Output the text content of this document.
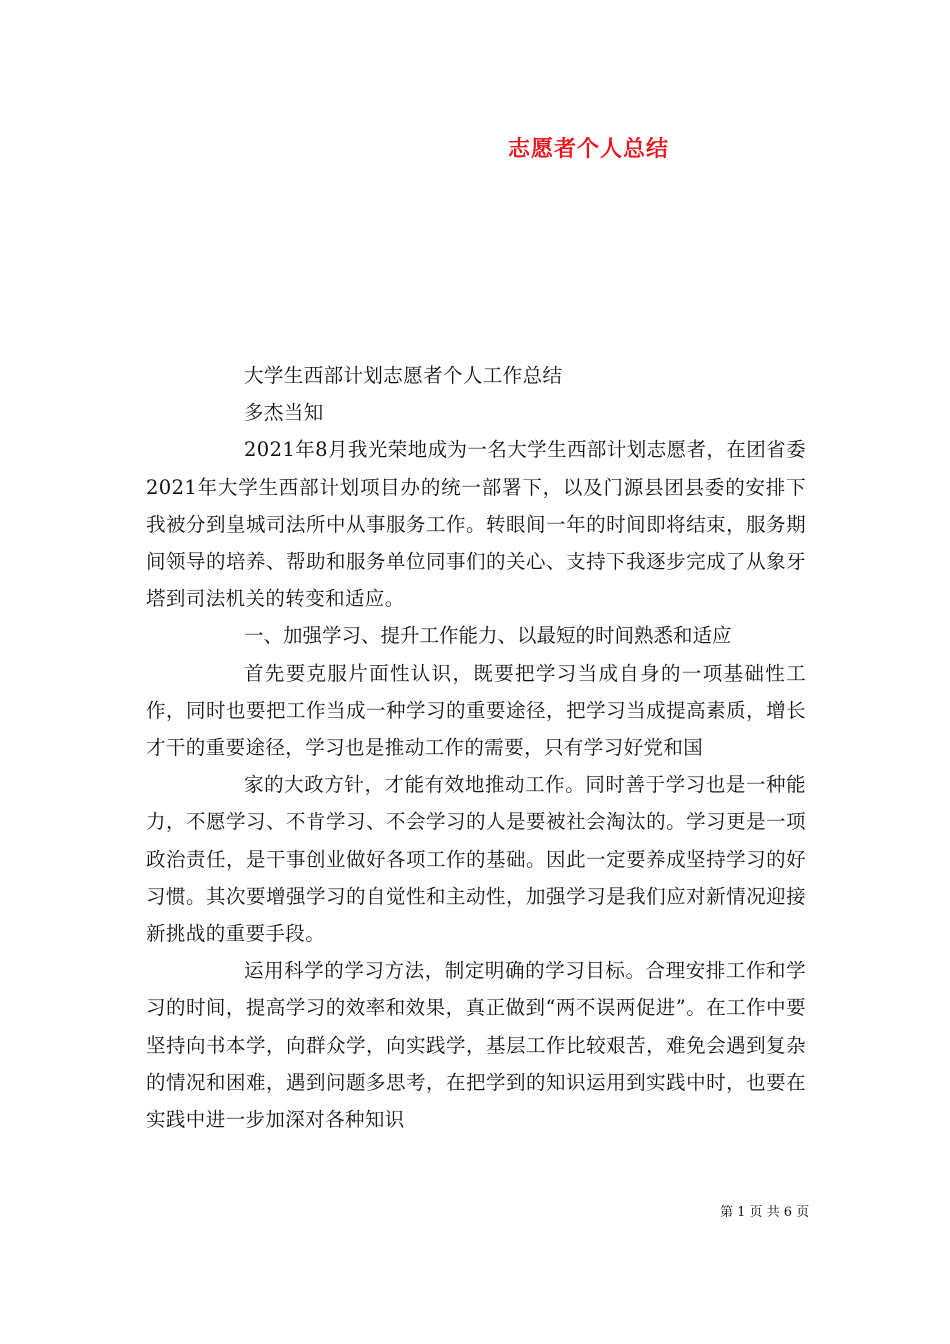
志愿者个人总结

大学生西部计划志愿者个人工作总结

多杰当知

2021年8月我光荣地成为一名大学生西部计划志愿者，在团省委2021年大学生西部计划项目办的统一部署下，以及门源县团县委的安排下我被分到皇城司法所中从事服务工作。转眼间一年的时间即将结束，服务期间领导的培养、帮助和服务单位同事们的关心、支持下我逐步完成了从象牙塔到司法机关的转变和适应。

一、加强学习、提升工作能力、以最短的时间熟悉和适应

首先要克服片面性认识，既要把学习当成自身的一项基础性工作，同时也要把工作当成一种学习的重要途径，把学习当成提高素质，增长才干的重要途径，学习也是推动工作的需要，只有学习好党和国

家的大政方针，才能有效地推动工作。同时善于学习也是一种能力，不愿学习、不肯学习、不会学习的人是要被社会淘汰的。学习更是一项政治责任，是干事创业做好各项工作的基础。因此一定要养成坚持学习的好习惯。其次要增强学习的自觉性和主动性，加强学习是我们应对新情况迎接新挑战的重要手段。

运用科学的学习方法，制定明确的学习目标。合理安排工作和学习的时间，提高学习的效率和效果，真正做到“两不误两促进”。在工作中要坚持向书本学，向群众学，向实践学，基层工作比较艰苦，难免会遇到复杂的情况和困难，遇到问题多思考，在把学到的知识运用到实践中时，也要在实践中进一步加深对各种知识

第 1 页 共 6 页
